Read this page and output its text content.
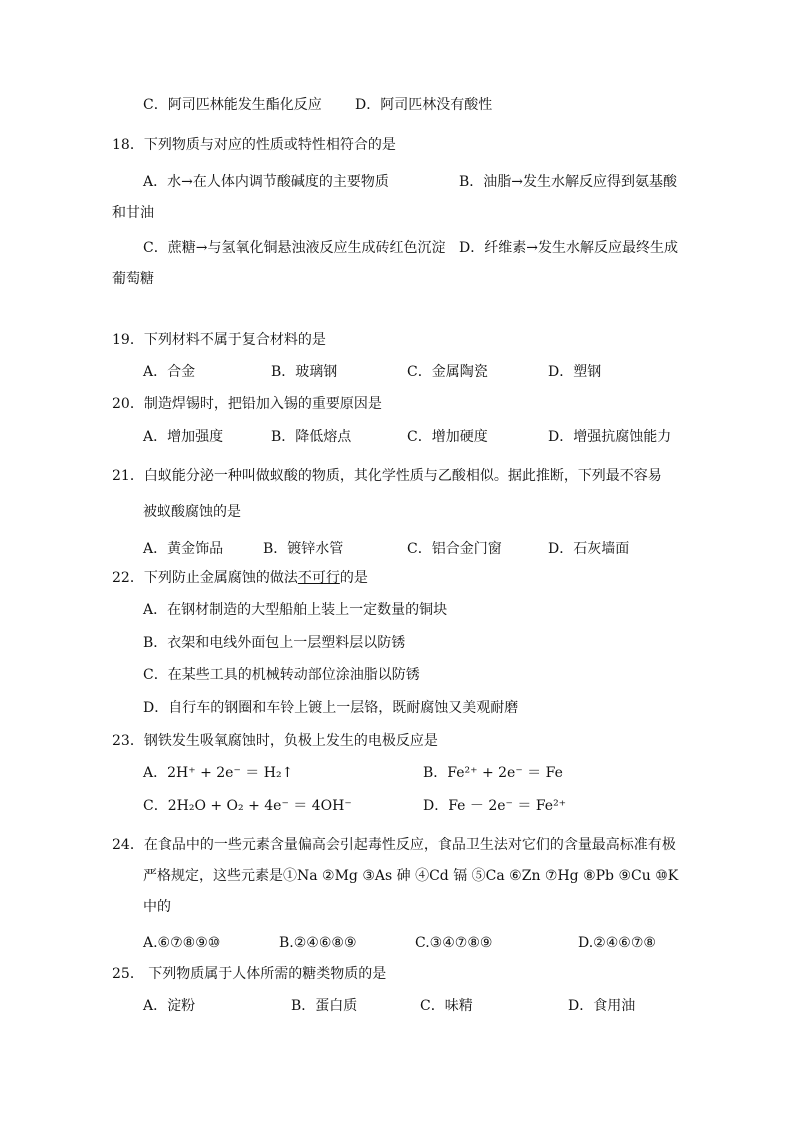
C．阿司匹林能发生酯化反应 D．阿司匹林没有酸性
18．下列物质与对应的性质或特性相符合的是
A．水→在人体内调节酸碱度的主要物质	B．油脂→发生水解反应得到氨基酸
和甘油
C．蔗糖→与氢氧化铜悬浊液反应生成砖红色沉淀 D．纤维素→发生水解反应最终生成
葡萄糖
19．下列材料不属于复合材料的是
A．合金	B．玻璃钢	C．金属陶瓷	D．塑钢
20．制造焊锡时，把铅加入锡的重要原因是
A．增加强度	B．降低熔点	C．增加硬度	D．增强抗腐蚀能力
21．白蚁能分泌一种叫做蚁酸的物质，其化学性质与乙酸相似。据此推断，下列最不容易
被蚁酸腐蚀的是
A．黄金饰品	B．镀锌水管	C．铝合金门窗	D．石灰墙面
22．下列防止金属腐蚀的做法不可行的是
A．在钢材制造的大型船舶上装上一定数量的铜块
B．衣架和电线外面包上一层塑料层以防锈
C．在某些工具的机械转动部位涂油脂以防锈
D．自行车的钢圈和车铃上镀上一层铬，既耐腐蚀又美观耐磨
23．钢铁发生吸氧腐蚀时，负极上发生的电极反应是
A．2H⁺ + 2e⁻ ＝ H₂↑	B．Fe²⁺ + 2e⁻ ＝ Fe
C．2H₂O + O₂ + 4e⁻ ＝ 4OH⁻	D．Fe － 2e⁻ ＝ Fe²⁺
24．在食品中的一些元素含量偏高会引起毒性反应，食品卫生法对它们的含量最高标准有极
严格规定，这些元素是①Na ②Mg ③As 砷 ④Cd 镉 ⑤Ca ⑥Zn ⑦Hg ⑧Pb ⑨Cu ⑩K
中的
A.⑥⑦⑧⑨⑩	B.②④⑥⑧⑨	C.③④⑦⑧⑨	D.②④⑥⑦⑧
25． 下列物质属于人体所需的糖类物质的是
A．淀粉	B．蛋白质	C．味精	D．食用油
